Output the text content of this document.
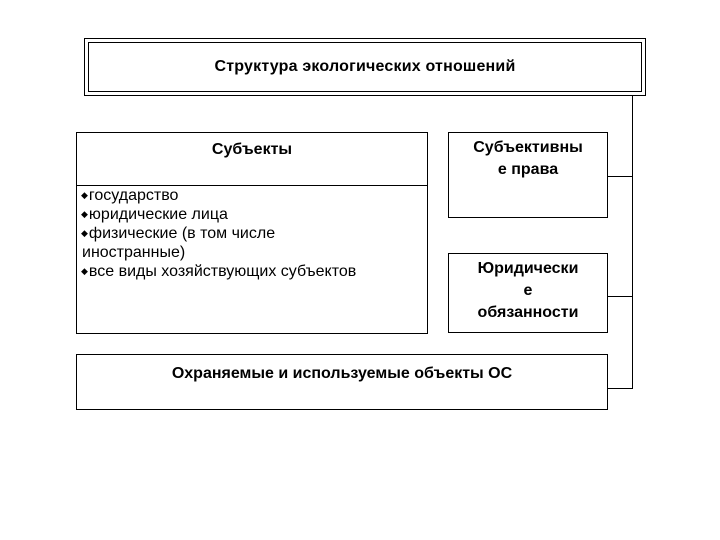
Структура экологических отношений
Субъекты
◆государство
◆юридические лица
◆физические (в том числе
иностранные)
◆все виды хозяйствующих субъектов
Субъективны
е права
Юридически
е
обязанности
Охраняемые и используемые объекты ОС
